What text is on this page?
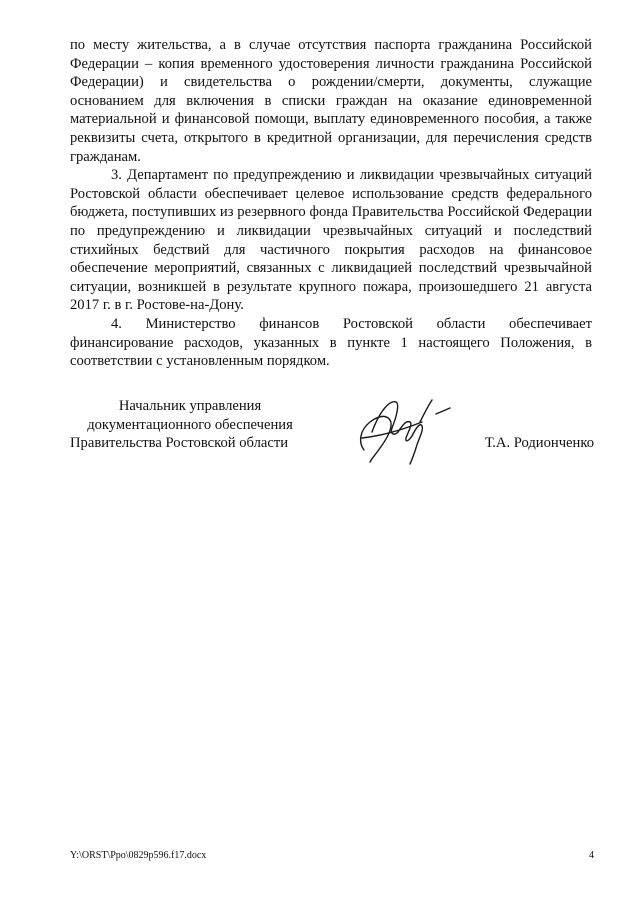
по месту жительства, а в случае отсутствия паспорта гражданина Российской Федерации – копия временного удостоверения личности гражданина Российской Федерации) и свидетельства о рождении/смерти, документы, служащие основанием для включения в списки граждан на оказание единовременной материальной и финансовой помощи, выплату единовременного пособия, а также реквизиты счета, открытого в кредитной организации, для перечисления средств гражданам.

3. Департамент по предупреждению и ликвидации чрезвычайных ситуаций Ростовской области обеспечивает целевое использование средств федерального бюджета, поступивших из резервного фонда Правительства Российской Федерации по предупреждению и ликвидации чрезвычайных ситуаций и последствий стихийных бедствий для частичного покрытия расходов на финансовое обеспечение мероприятий, связанных с ликвидацией последствий чрезвычайной ситуации, возникшей в результате крупного пожара, произошедшего 21 августа 2017 г. в г. Ростове-на-Дону.

4. Министерство финансов Ростовской области обеспечивает финансирование расходов, указанных в пункте 1 настоящего Положения, в соответствии с установленным порядком.

Начальник управления
документационного обеспечения
Правительства Ростовской области	Т.А. Родионченко
Y:\ORST\Ppo\0829p596.f17.docx	4
